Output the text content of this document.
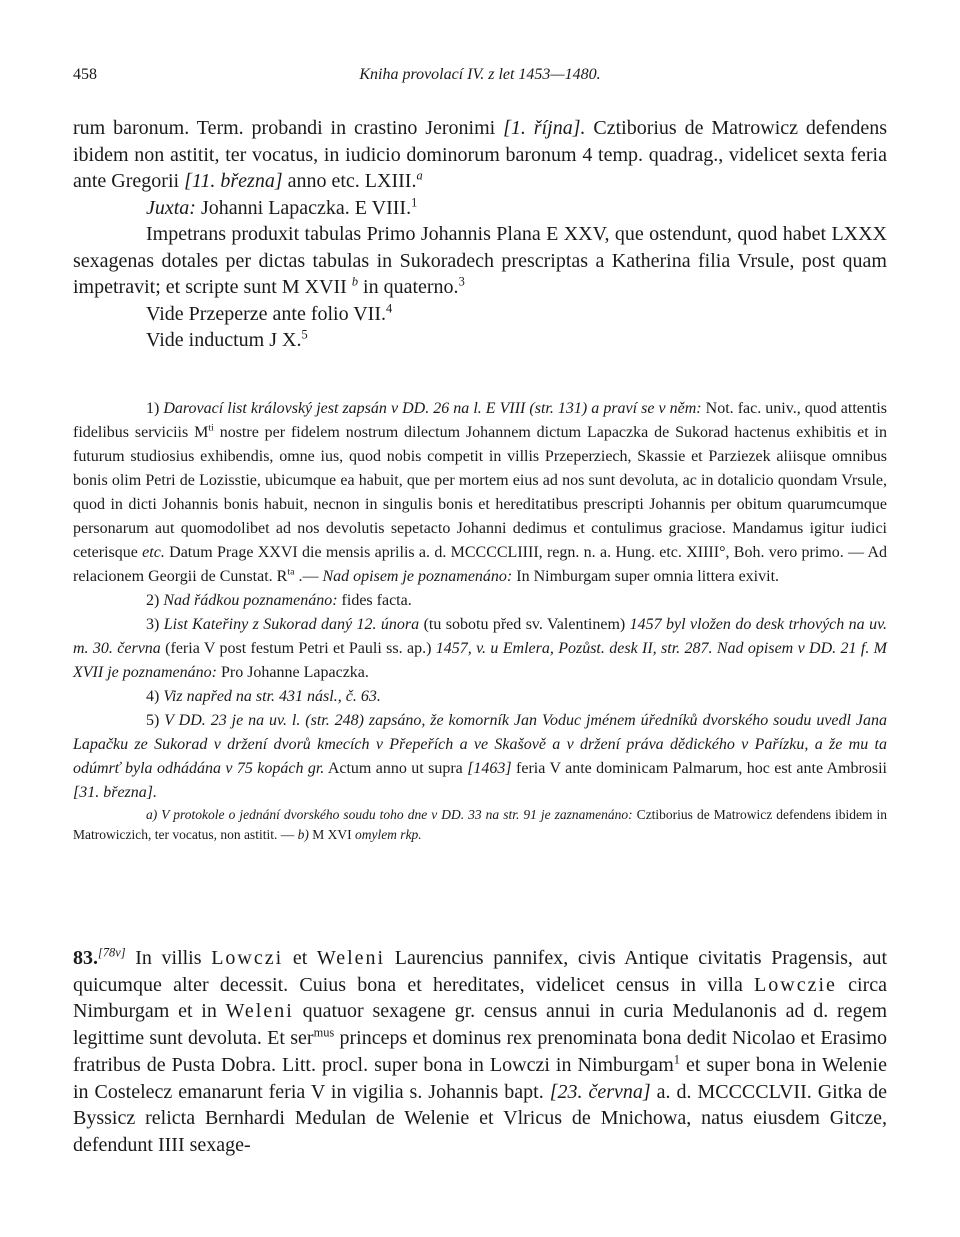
458	Kniha provolací IV. z let 1453—1480.

rum baronum. Term. probandi in crastino Jeronimi [1. října]. Cztiborius de Matrowicz defendens ibidem non astitit, ter vocatus, in iudicio dominorum baronum 4 temp. quadrag., videlicet sexta feria ante Gregorii [11. března] anno etc. LXIII.$^a$

Juxta: Johanni Lapaczka. E VIII.$^1$

Impetrans produxit tabulas Primo Johannis Plana E XXV, que ostendunt, quod habet LXXX sexagenas dotales per dictas tabulas in Sukoradech prescriptas a Katherina filia Vrsule, post quam impetravit; et scripte sunt M XVII $^b$ in quaterno.$^3$

Vide Przeperze ante folio VII.$^4$

Vide inductum J X.$^5$

1) Darovací list královský jest zapsán v DD. 26 na l. E VIII (str. 131) a praví se v něm: Not. fac. univ., quod attentis fidelibus serviciis $M^{ti}$ nostre per fidelem nostrum dilectum Johannem dictum Lapaczka de Sukorad hactenus exhibitis et in futurum studiosius exhibendis, omne ius, quod nobis competit in villis Przeperziech, Skassie et Parziezek aliisque omnibus bonis olim Petri de Lozisstie, ubicumque ea habuit, que per mortem eius ad nos sunt devoluta, ac in dotalicio quondam Vrsule, quod in dicti Johannis bonis habuit, necnon in singulis bonis et hereditatibus prescripti Johannis per obitum quarumcumque personarum aut quomodolibet ad nos devolutis sepetacto Johanni dedimus et contulimus graciose. Mandamus igitur iudici ceterisque etc. Datum Prage XXVI die mensis aprilis a. d. MCCCCLIIII, regn. n. a. Hung. etc. XIIII°, Boh. vero primo. — Ad relacionem Georgii de Cunstat. $R^{ta}$ .— Nad opisem je poznamenáno: In Nimburgam super omnia littera exivit.

2) Nad řádkou poznamenáno: fides facta.

3) List Kateřiny z Sukorad daný 12. února (tu sobotu před sv. Valentinem) 1457 byl vložen do desk trhových na uv. m. 30. června (feria V post festum Petri et Pauli ss. ap.) 1457, v. u Emlera, Pozůst. desk II, str. 287. Nad opisem v DD. 21 f. M XVII je poznamenáno: Pro Johanne Lapaczka.

4) Viz napřed na str. 431 násl., č. 63.

5) V DD. 23 je na uv. l. (str. 248) zapsáno, že komorník Jan Voduc jménem úředníků dvorského soudu uvedl Jana Lapačku ze Sukorad v držení dvorů kmecích v Přepeřích a ve Skašově a v držení práva dědického v Pařízku, a že mu ta odúmrť byla odhádána v 75 kopách gr. Actum anno ut supra [1463] feria V ante dominicam Palmarum, hoc est ante Ambrosii [31. března].

a) V protokole o jednání dvorského soudu toho dne v DD. 33 na str. 91 je zaznamenáno: Cztiborius de Matrowicz defendens ibidem in Matrowiczich, ter vocatus, non astitit. — b) M XVI omylem rkp.

83.[78v] In villis Lowczi et Weleni Laurencius pannifex, civis Antique civitatis Pragensis, aut quicumque alter decessit. Cuius bona et hereditates, videlicet census in villa Lowczie circa Nimburgam et in Weleni quatuor sexagene gr. census annui in curia Medulanonis ad d. regem legittime sunt devoluta. Et ser$^{mus}$ princeps et dominus rex prenominata bona dedit Nicolao et Erasimo fratribus de Pusta Dobra. Litt. procl. super bona in Lowczi in Nimburgam$^1$ et super bona in Welenie in Costelecz emanarunt feria V in vigilia s. Johannis bapt. [23. června] a. d. MCCCCLVII. Gitka de Byssicz relicta Bernhardi Medulan de Welenie et Vlricus de Mnichowa, natus eiusdem Gitcze, defendunt IIII sexage-
